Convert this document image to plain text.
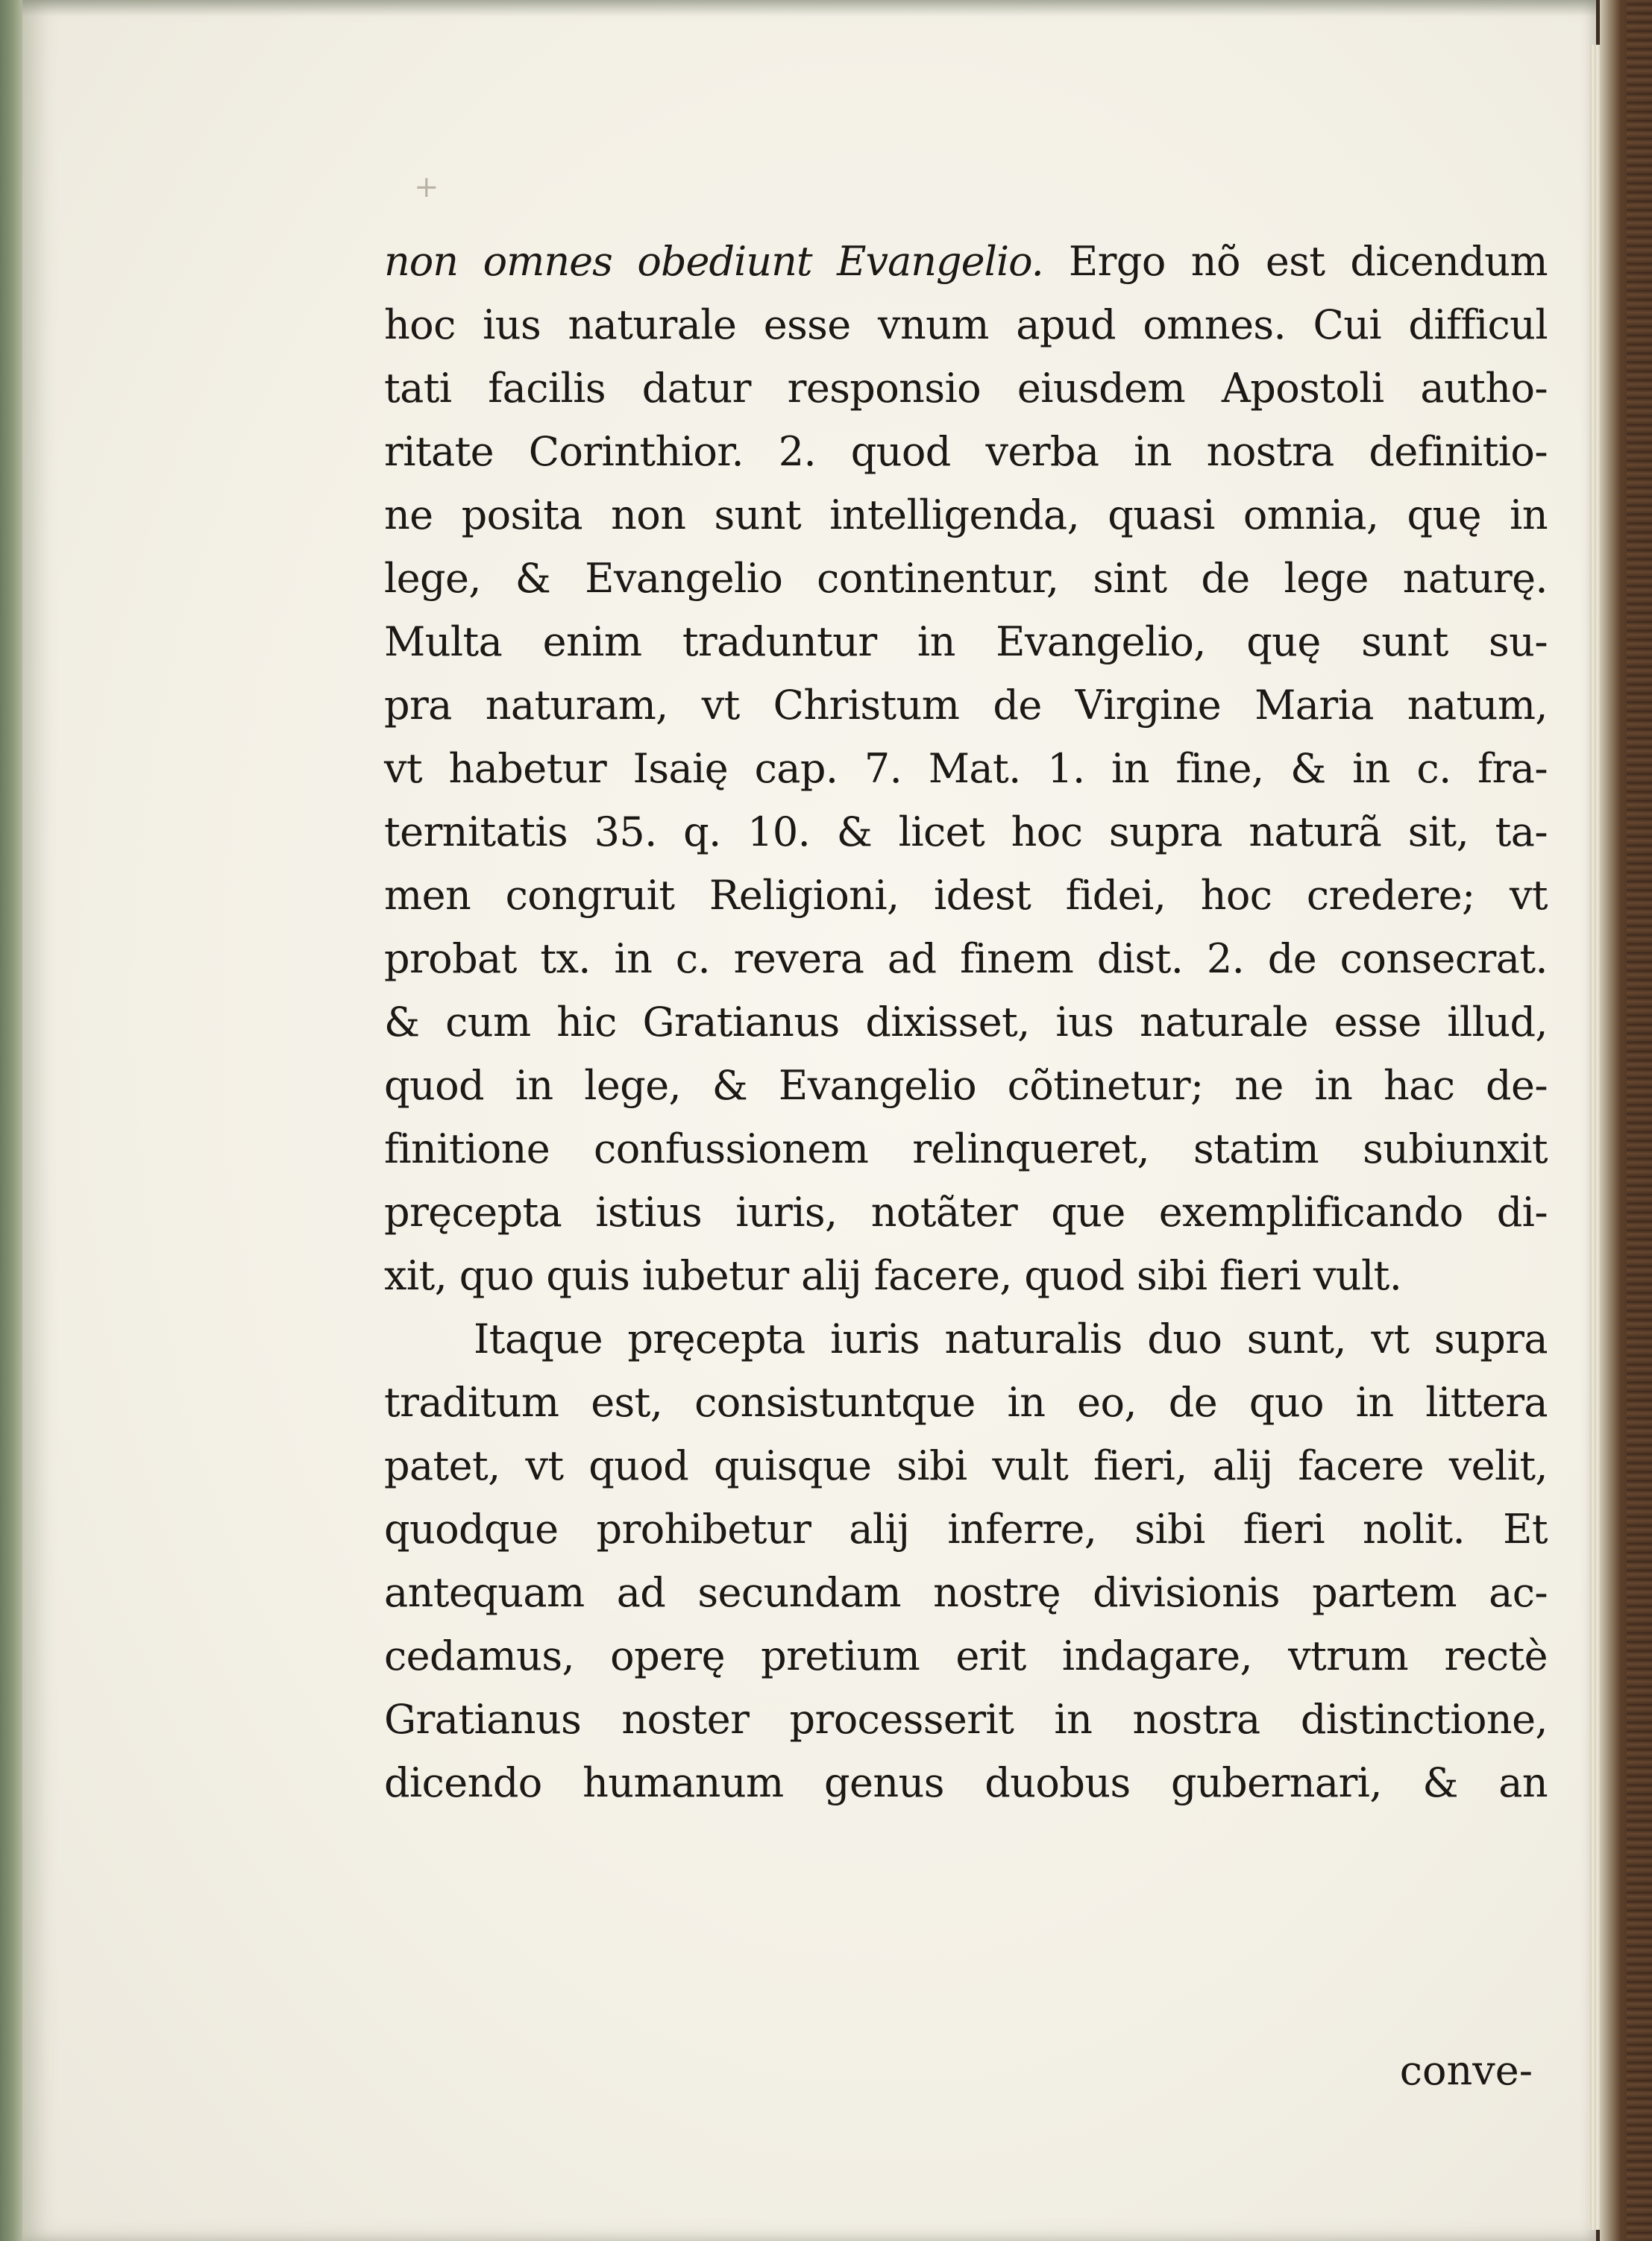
+
non omnes obediunt Evangelio. Ergo nõ est dicendum
hoc ius naturale esse vnum apud omnes. Cui difficul
tati facilis datur responsio eiusdem Apostoli autho-
ritate Corinthior. 2. quod verba in nostra definitio-
ne posita non sunt intelligenda, quasi omnia, quę in
lege, & Evangelio continentur, sint de lege naturę.
Multa enim traduntur in Evangelio, quę sunt su-
pra naturam, vt Christum de Virgine Maria natum,
vt habetur Isaię cap. 7. Mat. 1. in fine, & in c. fra-
ternitatis 35. q. 10. & licet hoc supra naturã sit, ta-
men congruit Religioni, idest fidei, hoc credere; vt
probat tx. in c. revera ad finem dist. 2. de consecrat.
& cum hic Gratianus dixisset, ius naturale esse illud,
quod in lege, & Evangelio cõtinetur; ne in hac de-
finitione confussionem relinqueret, statim subiunxit
pręcepta istius iuris, notãter que exemplificando di-
xit, quo quis iubetur alij facere, quod sibi fieri vult.
Itaque pręcepta iuris naturalis duo sunt, vt supra
traditum est, consistuntque in eo, de quo in littera
patet, vt quod quisque sibi vult fieri, alij facere velit,
quodque prohibetur alij inferre, sibi fieri nolit. Et
antequam ad secundam nostrę divisionis partem ac-
cedamus, operę pretium erit indagare, vtrum rectè
Gratianus noster processerit in nostra distinctione,
dicendo humanum genus duobus gubernari, & an
conve-
